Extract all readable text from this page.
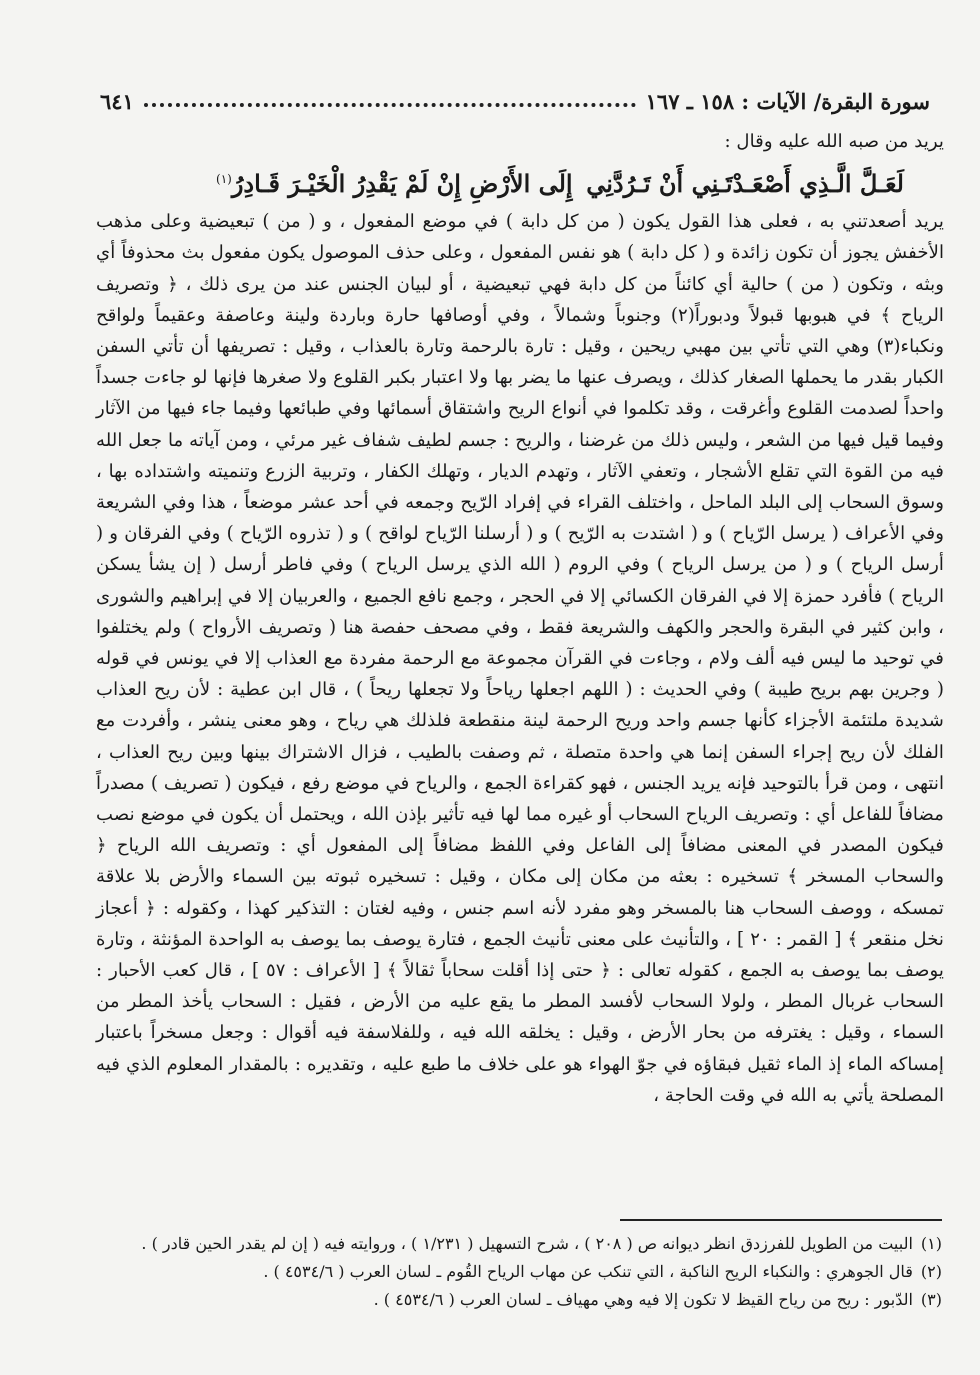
سورة البقرة/ الآيات : ١٥٨ ـ ١٦٧
٦٤١

يريد من صبه الله عليه وقال :

لَعَـلَّ الَّـذِي أَصْعَـدْتَـنِي أَنْ تَـرُدَّنِي
إِلَى الأَرْضِ إِنْ لَمْ يَقْدِرُ الْخَيْـرَ قَـادِرُ$^{(١)}$

يريد أصعدتني به ، فعلى هذا القول يكون ( من كل دابة ) في موضع المفعول ، و ( من ) تبعيضية وعلى مذهب الأخفش يجوز أن تكون زائدة و ( كل دابة ) هو نفس المفعول ، وعلى حذف الموصول يكون مفعول بث محذوفاً أي وبثه ، وتكون ( من ) حالية أي كائناً من كل دابة فهي تبعيضية ، أو لبيان الجنس عند من يرى ذلك ، ﴿ وتصريف الرياح ﴾ في هبوبها قبولاً ودبوراً(٢) وجنوباً وشمالاً ، وفي أوصافها حارة وباردة ولينة وعاصفة وعقيماً ولواقح ونكباء(٣) وهي التي تأتي بين مهبي ريحين ، وقيل : تارة بالرحمة وتارة بالعذاب ، وقيل : تصريفها أن تأتي السفن الكبار بقدر ما يحملها الصغار كذلك ، ويصرف عنها ما يضر بها ولا اعتبار بكبر القلوع ولا صغرها فإنها لو جاءت جسداً واحداً لصدمت القلوع وأغرقت ، وقد تكلموا في أنواع الريح واشتقاق أسمائها وفي طبائعها وفيما جاء فيها من الآثار وفيما قيل فيها من الشعر ، وليس ذلك من غرضنا ، والريح : جسم لطيف شفاف غير مرئي ، ومن آياته ما جعل الله فيه من القوة التي تقلع الأشجار ، وتعفي الآثار ، وتهدم الديار ، وتهلك الكفار ، وتربية الزرع وتنميته واشتداده بها ، وسوق السحاب إلى البلد الماحل ، واختلف القراء في إفراد الرّيح وجمعه في أحد عشر موضعاً ، هذا وفي الشريعة وفي الأعراف ( يرسل الرّياح ) و ( اشتدت به الرّيح ) و ( أرسلنا الرّياح لواقح ) و ( تذروه الرّياح ) وفي الفرقان و ( أرسل الرياح ) و ( من يرسل الرياح ) وفي الروم ( الله الذي يرسل الرياح ) وفي فاطر أرسل ( إن يشأ يسكن الرياح ) فأفرد حمزة إلا في الفرقان الكسائي إلا في الحجر ، وجمع نافع الجميع ، والعربيان إلا في إبراهيم والشورى ، وابن كثير في البقرة والحجر والكهف والشريعة فقط ، وفي مصحف حفصة هنا ( وتصريف الأرواح ) ولم يختلفوا في توحيد ما ليس فيه ألف ولام ، وجاءت في القرآن مجموعة مع الرحمة مفردة مع العذاب إلا في يونس في قوله ( وجرين بهم بريح طيبة ) وفي الحديث : ( اللهم اجعلها رياحاً ولا تجعلها ريحاً ) ، قال ابن عطية : لأن ريح العذاب شديدة ملتئمة الأجزاء كأنها جسم واحد وريح الرحمة لينة منقطعة فلذلك هي رياح ، وهو معنى ينشر ، وأفردت مع الفلك لأن ريح إجراء السفن إنما هي واحدة متصلة ، ثم وصفت بالطيب ، فزال الاشتراك بينها وبين ريح العذاب ، انتهى ، ومن قرأ بالتوحيد فإنه يريد الجنس ، فهو كقراءة الجمع ، والرياح في موضع رفع ، فيكون ( تصريف ) مصدراً مضافاً للفاعل أي : وتصريف الرياح السحاب أو غيره مما لها فيه تأثير بإذن الله ، ويحتمل أن يكون في موضع نصب فيكون المصدر في المعنى مضافاً إلى الفاعل وفي اللفظ مضافاً إلى المفعول أي : وتصريف الله الرياح ﴿ والسحاب المسخر ﴾ تسخيره : بعثه من مكان إلى مكان ، وقيل : تسخيره ثبوته بين السماء والأرض بلا علاقة تمسكه ، ووصف السحاب هنا بالمسخر وهو مفرد لأنه اسم جنس ، وفيه لغتان : التذكير كهذا ، وكقوله : ﴿ أعجاز نخل منقعر ﴾ [ القمر : ٢٠ ] ، والتأنيث على معنى تأنيث الجمع ، فتارة يوصف بما يوصف به الواحدة المؤنثة ، وتارة يوصف بما يوصف به الجمع ، كقوله تعالى : ﴿ حتى إذا أقلت سحاباً ثقالاً ﴾ [ الأعراف : ٥٧ ] ، قال كعب الأحبار : السحاب غربال المطر ، ولولا السحاب لأفسد المطر ما يقع عليه من الأرض ، فقيل : السحاب يأخذ المطر من السماء ، وقيل : يغترفه من بحار الأرض ، وقيل : يخلقه الله فيه ، وللفلاسفة فيه أقوال : وجعل مسخراً باعتبار إمساكه الماء إذ الماء ثقيل فبقاؤه في جوّ الهواء هو على خلاف ما طبع عليه ، وتقديره : بالمقدار المعلوم الذي فيه المصلحة يأتي به الله في وقت الحاجة ،

(١)البيت من الطويل للفرزدق انظر ديوانه ص ( ٢٠٨ ) ، شرح التسهيل ( ١/٢٣١ ) ، وروايته فيه ( إن لم يقدر الحين قادر ) .
(٢)قال الجوهري : والنكباء الريح الناكبة ، التي تنكب عن مهاب الرياح القُوم ـ لسان العرب ( ٤٥٣٤/٦ ) .
(٣)الدّبور : ريح من رياح القيظ لا تكون إلا فيه وهي مهياف ـ لسان العرب ( ٤٥٣٤/٦ ) .
